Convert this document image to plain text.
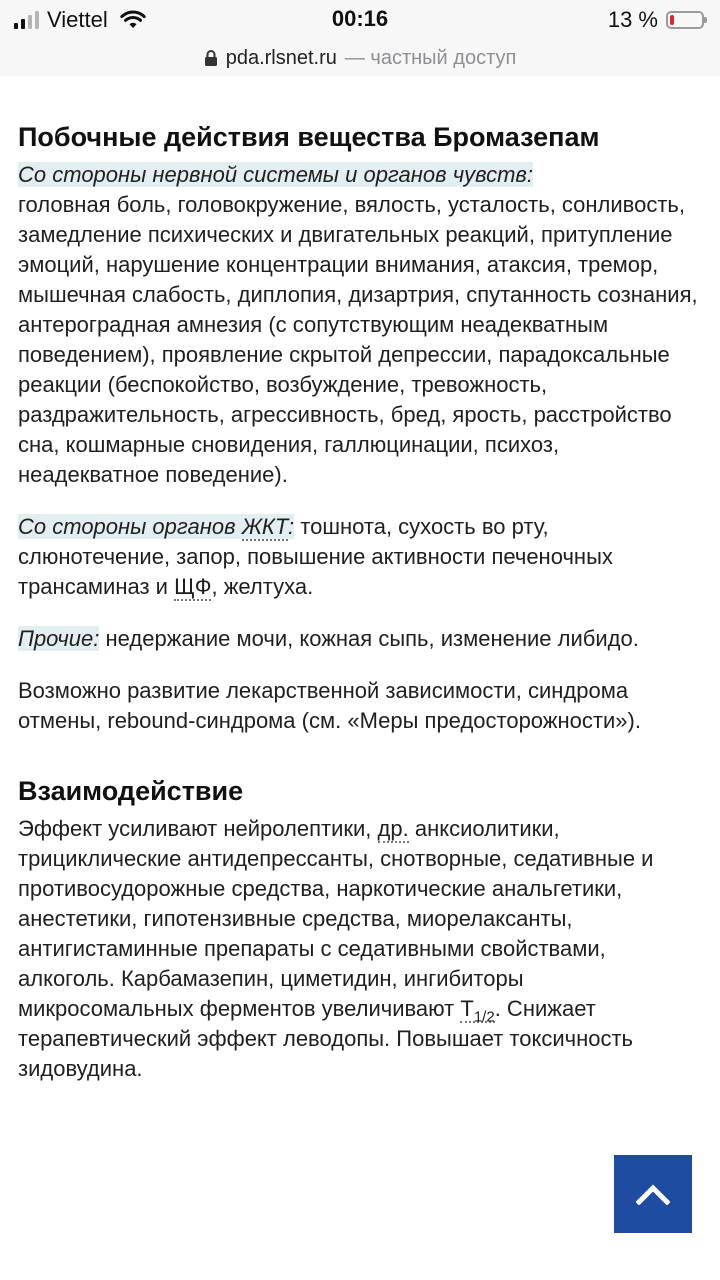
Viettel	00:16	13 %
pda.rlsnet.ru — частный доступ
Побочные действия вещества Бромазепам

Со стороны нервной системы и органов чувств:
головная боль, головокружение, вялость, усталость, сонливость, замедление психических и двигательных реакций, притупление эмоций, нарушение концентрации внимания, атаксия, тремор, мышечная слабость, диплопия, дизартрия, спутанность сознания, антероградная амнезия (с сопутствующим неадекватным поведением), проявление скрытой депрессии, парадоксальные реакции (беспокойство, возбуждение, тревожность, раздражительность, агрессивность, бред, ярость, расстройство сна, кошмарные сновидения, галлюцинации, психоз, неадекватное поведение).

Со стороны органов ЖКТ: тошнота, сухость во рту, слюнотечение, запор, повышение активности печеночных трансаминаз и ЩФ, желтуха.

Прочие: недержание мочи, кожная сыпь, изменение либидо.

Возможно развитие лекарственной зависимости, синдрома отмены, rebound-синдрома (см. «Меры предосторожности»).

Взаимодействие

Эффект усиливают нейролептики, др. анксиолитики, трициклические антидепрессанты, снотворные, седативные и противосудорожные средства, наркотические анальгетики, анестетики, гипотензивные средства, миорелаксанты, антигистаминные препараты с седативными свойствами, алкоголь. Карбамазепин, циметидин, ингибиторы микросомальных ферментов увеличивают $T_{1/2}$. Снижает терапевтический эффект леводопы. Повышает токсичность зидовудина.
